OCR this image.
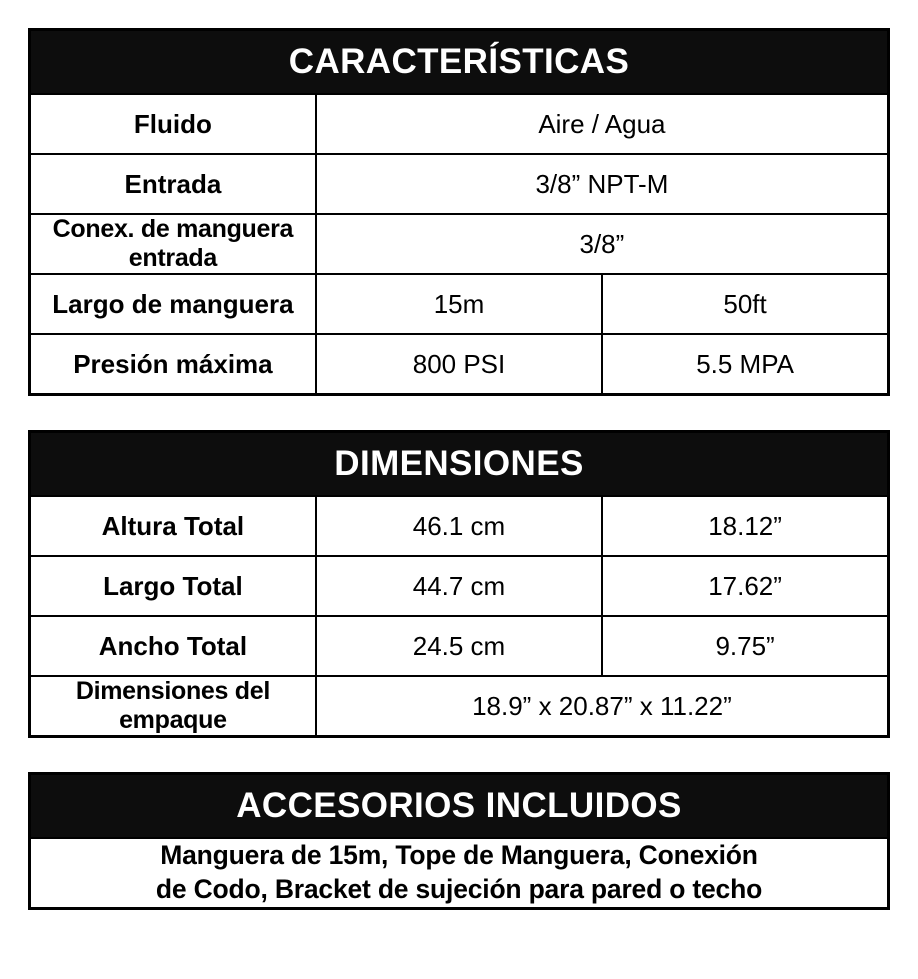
CARACTERÍSTICAS		
Fluido	Aire / Agua	
Entrada	3/8” NPT-M	
Conex. de manguera entrada	3/8”	
Largo de manguera	15m	50ft
Presión máxima	800 PSI	5.5 MPA
DIMENSIONES		
Altura Total	46.1 cm	18.12”
Largo Total	44.7 cm	17.62”
Ancho Total	24.5 cm	9.75”
Dimensiones del empaque	18.9” x 20.87” x 11.22”	
ACCESORIOS INCLUIDOS

Manguera de 15m, Tope de Manguera, Conexión
de Codo, Bracket de sujeción para pared o techo
